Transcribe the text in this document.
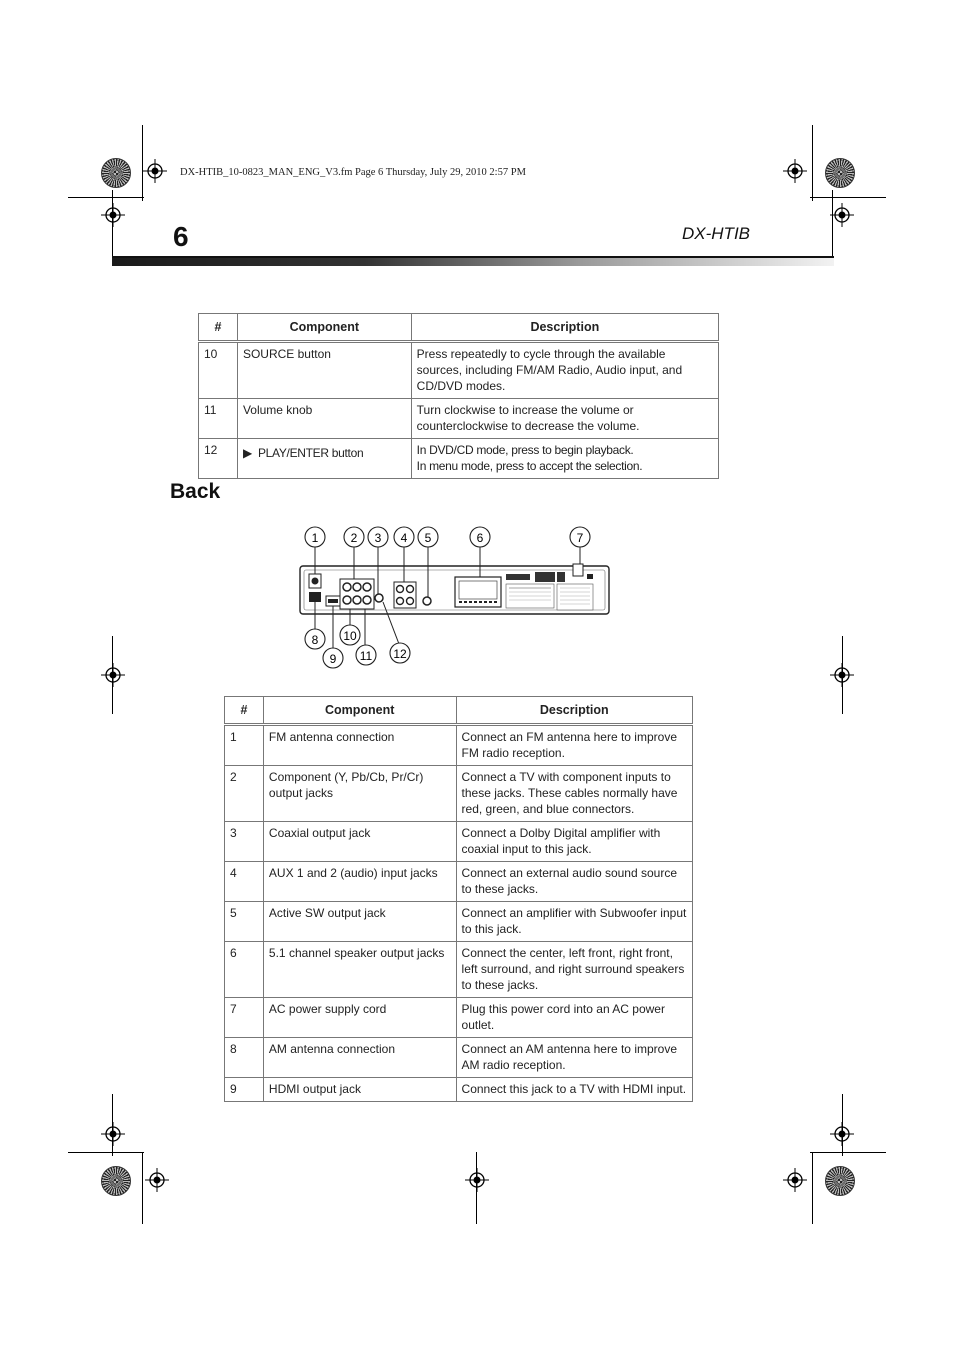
DX-HTIB_10-0823_MAN_ENG_V3.fm Page 6 Thursday, July 29, 2010 2:57 PM
6	DX-HTIB
#	Component	Description
10	SOURCE button	Press repeatedly to cycle through the available sources, including FM/AM Radio, Audio input, and CD/DVD modes.
11	Volume knob	Turn clockwise to increase the volume or counterclockwise to decrease the volume.
12	▶  PLAY/ENTER button	In DVD/CD mode, press to begin playback.
In menu mode, press to accept the selection.
Back
1	2 3 4 5	6	7
8
9
10
11 12
#	Component	Description
1	FM antenna connection	Connect an FM antenna here to improve FM radio reception.
2	Component (Y, Pb/Cb, Pr/Cr) output jacks	Connect a TV with component inputs to these jacks. These cables normally have red, green, and blue connectors.
3	Coaxial output jack	Connect a Dolby Digital amplifier with coaxial input to this jack.
4	AUX 1 and 2 (audio) input jacks	Connect an external audio sound source to these jacks.
5	Active SW output jack	Connect an amplifier with Subwoofer input to this jack.
6	5.1 channel speaker output jacks	Connect the center, left front, right front, left surround, and right surround speakers to these jacks.
7	AC power supply cord	Plug this power cord into an AC power outlet.
8	AM antenna connection	Connect an AM antenna here to improve AM radio reception.
9	HDMI output jack	Connect this jack to a TV with HDMI input.
